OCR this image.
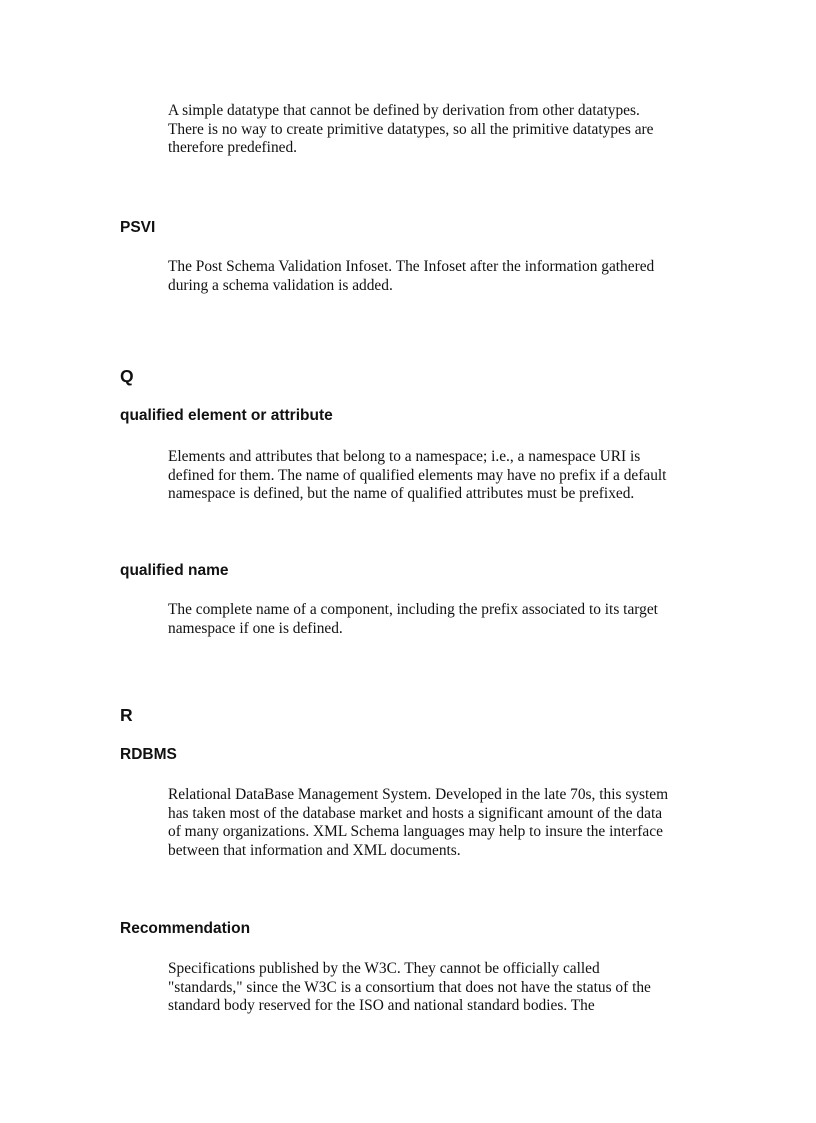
A simple datatype that cannot be defined by derivation from other datatypes.
There is no way to create primitive datatypes, so all the primitive datatypes are
therefore predefined.

PSVI

The Post Schema Validation Infoset. The Infoset after the information gathered
during a schema validation is added.

Q
qualified element or attribute

Elements and attributes that belong to a namespace; i.e., a namespace URI is
defined for them. The name of qualified elements may have no prefix if a default
namespace is defined, but the name of qualified attributes must be prefixed.

qualified name

The complete name of a component, including the prefix associated to its target
namespace if one is defined.

R
RDBMS

Relational DataBase Management System. Developed in the late 70s, this system
has taken most of the database market and hosts a significant amount of the data
of many organizations. XML Schema languages may help to insure the interface
between that information and XML documents.

Recommendation

Specifications published by the W3C. They cannot be officially called
"standards," since the W3C is a consortium that does not have the status of the
standard body reserved for the ISO and national standard bodies. The
